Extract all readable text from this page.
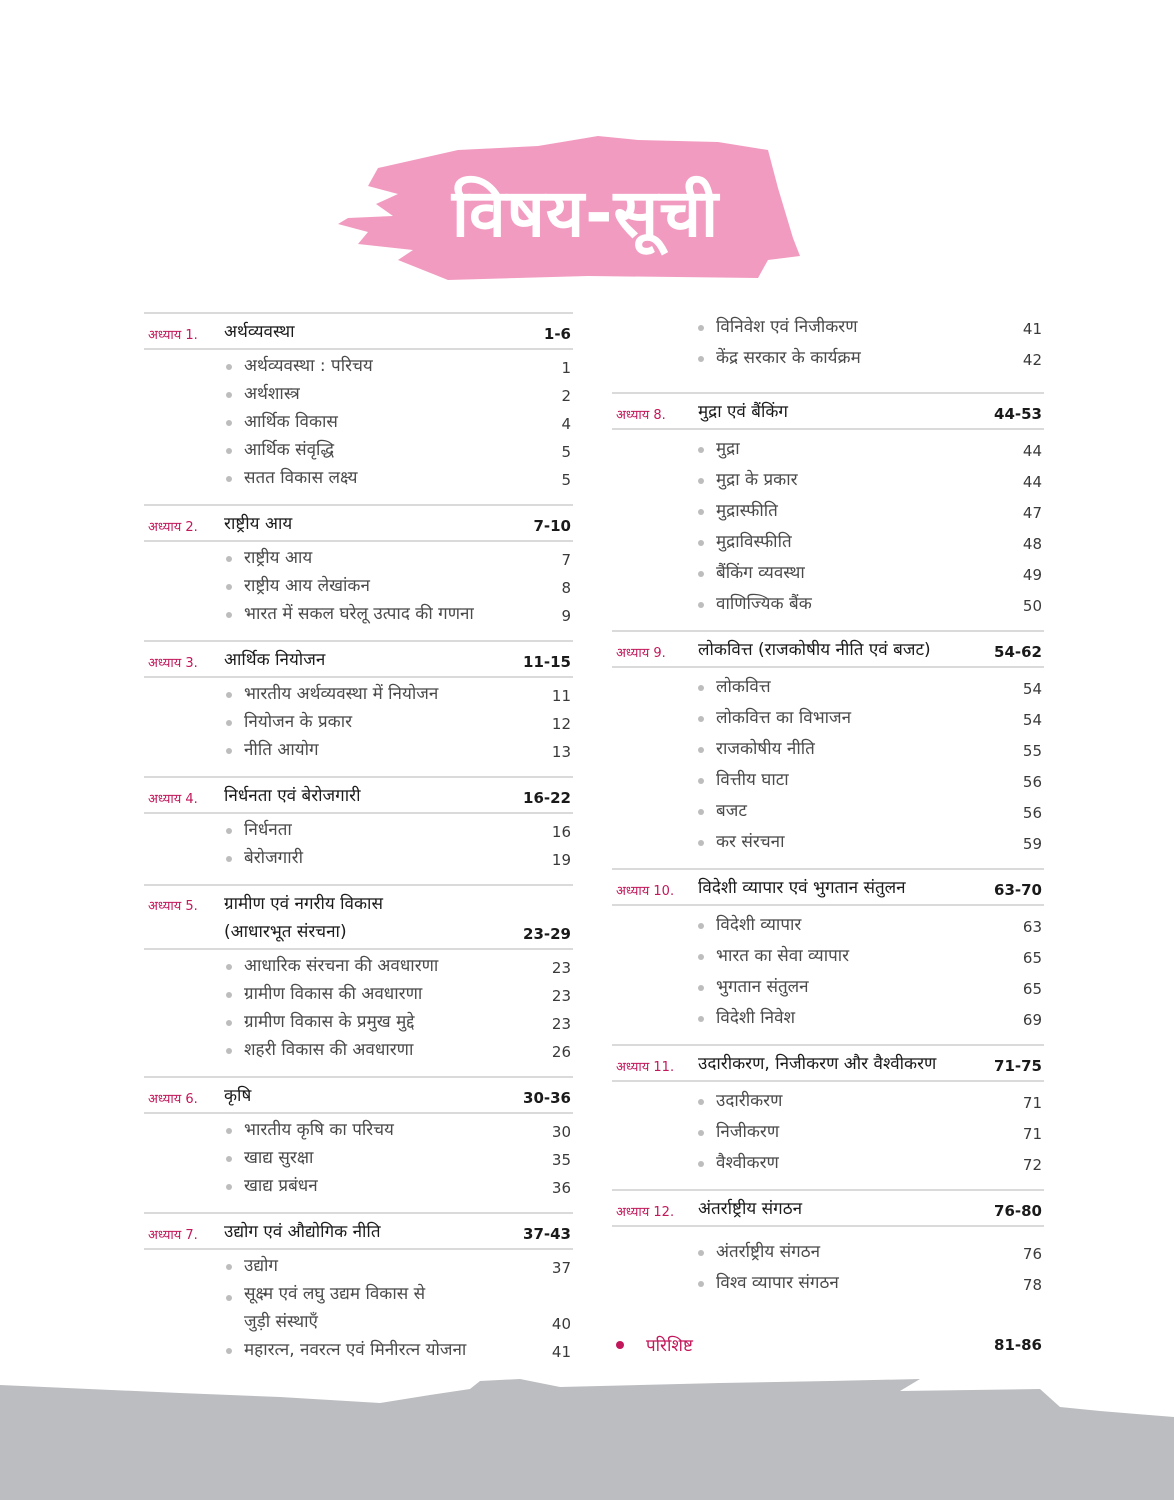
विषय-सूची
अध्याय 1.	अर्थव्यवस्था	1-6
अर्थव्यवस्था : परिचय	1
अर्थशास्त्र	2
आर्थिक विकास	4
आर्थिक संवृद्धि	5
सतत विकास लक्ष्य	5
अध्याय 2.	राष्ट्रीय आय	7-10
राष्ट्रीय आय	7
राष्ट्रीय आय लेखांकन	8
भारत में सकल घरेलू उत्पाद की गणना	9
अध्याय 3.	आर्थिक नियोजन	11-15
भारतीय अर्थव्यवस्था में नियोजन	11
नियोजन के प्रकार	12
नीति आयोग	13
अध्याय 4.	निर्धनता एवं बेरोजगारी	16-22
निर्धनता	16
बेरोजगारी	19
अध्याय 5.	ग्रामीण एवं नगरीय विकास
(आधारभूत संरचना)	23-29
आधारिक संरचना की अवधारणा	23
ग्रामीण विकास की अवधारणा	23
ग्रामीण विकास के प्रमुख मुद्दे	23
शहरी विकास की अवधारणा	26
अध्याय 6.	कृषि	30-36
भारतीय कृषि का परिचय	30
खाद्य सुरक्षा	35
खाद्य प्रबंधन	36
अध्याय 7.	उद्योग एवं औद्योगिक नीति	37-43
उद्योग	37
सूक्ष्म एवं लघु उद्यम विकास से
जुड़ी संस्थाएँ	40
महारत्न, नवरत्न एवं मिनीरत्न योजना	41
विनिवेश एवं निजीकरण	41
केंद्र सरकार के कार्यक्रम	42
अध्याय 8.	मुद्रा एवं बैंकिंग	44-53
मुद्रा	44
मुद्रा के प्रकार	44
मुद्रास्फीति	47
मुद्राविस्फीति	48
बैंकिंग व्यवस्था	49
वाणिज्यिक बैंक	50
अध्याय 9.	लोकवित्त (राजकोषीय नीति एवं बजट)	54-62
लोकवित्त	54
लोकवित्त का विभाजन	54
राजकोषीय नीति	55
वित्तीय घाटा	56
बजट	56
कर संरचना	59
अध्याय 10.	विदेशी व्यापार एवं भुगतान संतुलन	63-70
विदेशी व्यापार	63
भारत का सेवा व्यापार	65
भुगतान संतुलन	65
विदेशी निवेश	69
अध्याय 11.	उदारीकरण, निजीकरण और वैश्वीकरण	71-75
उदारीकरण	71
निजीकरण	71
वैश्वीकरण	72
अध्याय 12.	अंतर्राष्ट्रीय संगठन	76-80
अंतर्राष्ट्रीय संगठन	76
विश्व व्यापार संगठन	78
परिशिष्ट	81-86
